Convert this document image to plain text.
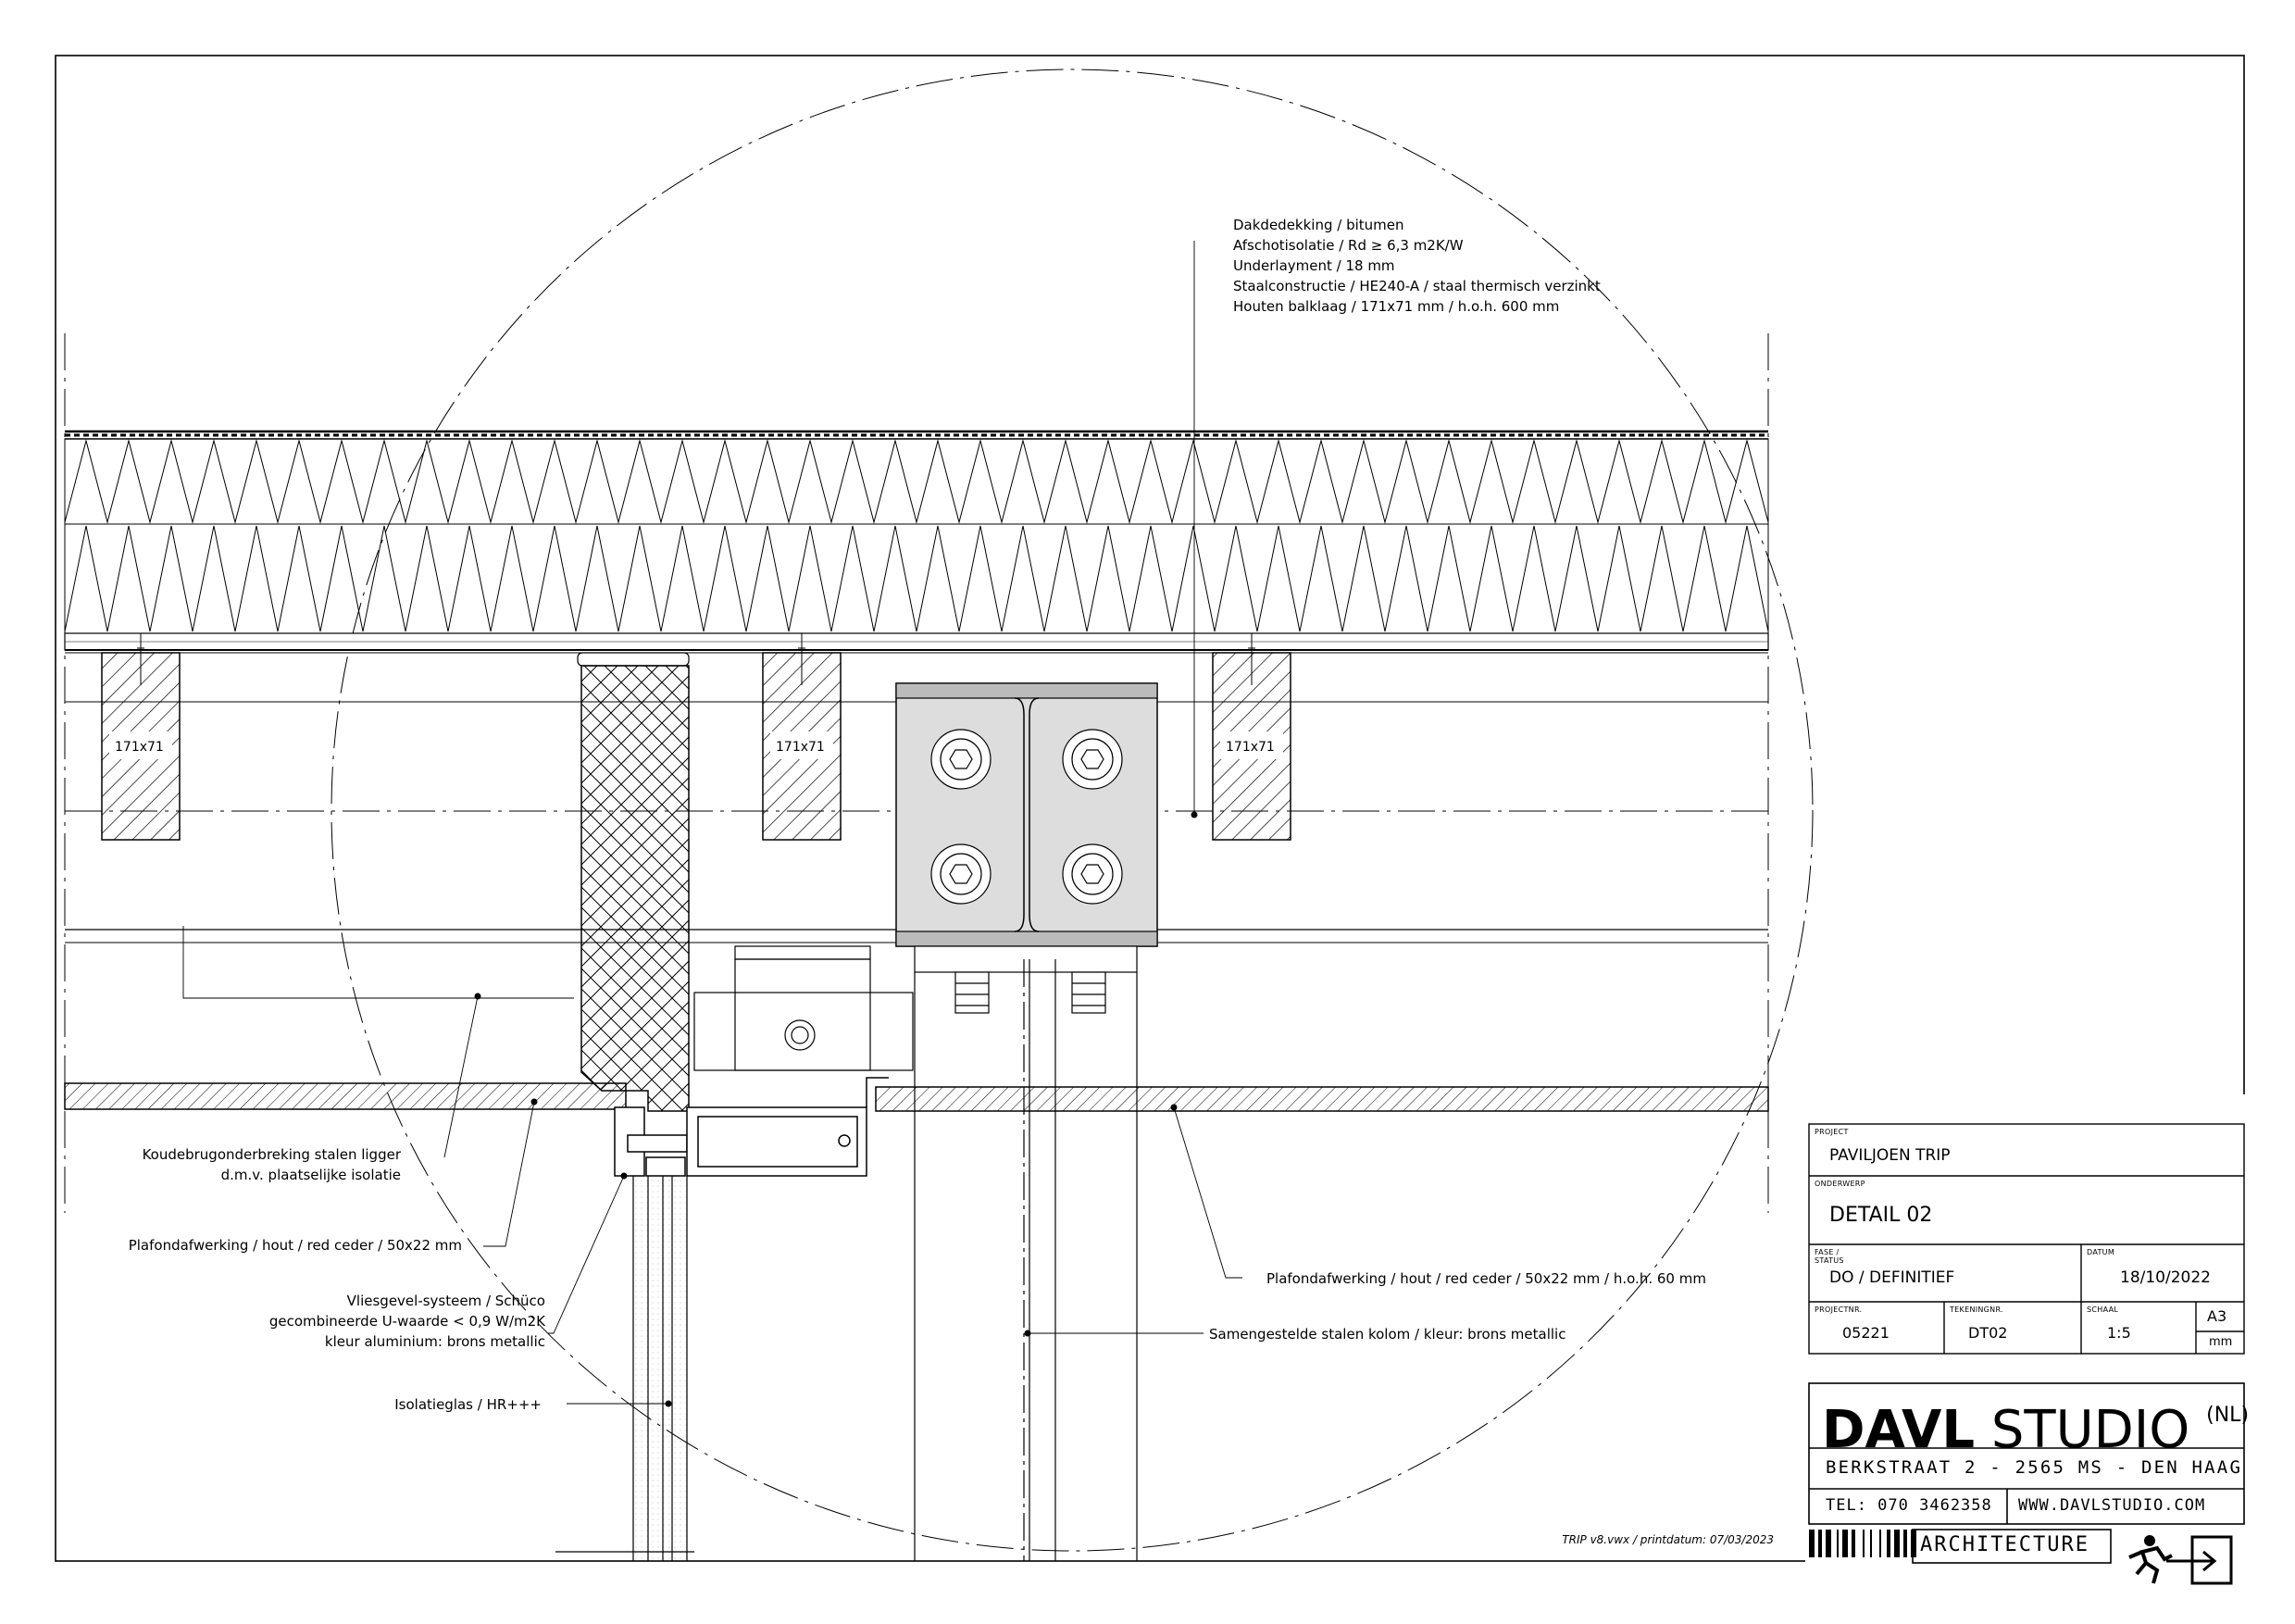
Dakdedekking / bitumen
Afschotisolatie / Rd ≥ 6,3 m2K/W
Underlayment / 18 mm
Staalconstructie / HE240-A / staal thermisch verzinkt
Houten balklaag / 171x71 mm / h.o.h. 600 mm
171x71	171x71	171x71
Koudebrugonderbreking stalen ligger
d.m.v. plaatselijke isolatie
Plafondafwerking / hout / red ceder / 50x22 mm
Vliesgevel-systeem / Schüco
gecombineerde U-waarde < 0,9 W/m2K
kleur aluminium: brons metallic
Isolatieglas / HR+++
Plafondafwerking / hout / red ceder / 50x22 mm / h.o.h. 60 mm
Samengestelde stalen kolom / kleur: brons metallic
TRIP v8.vwx / printdatum: 07/03/2023
PROJECT
PAVILJOEN TRIP
ONDERWERP
DETAIL 02
FASE / STATUS
DO / DEFINITIEF
DATUM
18/10/2022
PROJECTNR.
05221
TEKENINGNR.
DT02
SCHAAL
1:5
A3
mm
DAVL STUDIO $^{(NL)}$
BERKSTRAAT 2 - 2565 MS - DEN HAAG
TEL: 070 3462358 WWW.DAVLSTUDIO.COM
ARCHITECTURE
